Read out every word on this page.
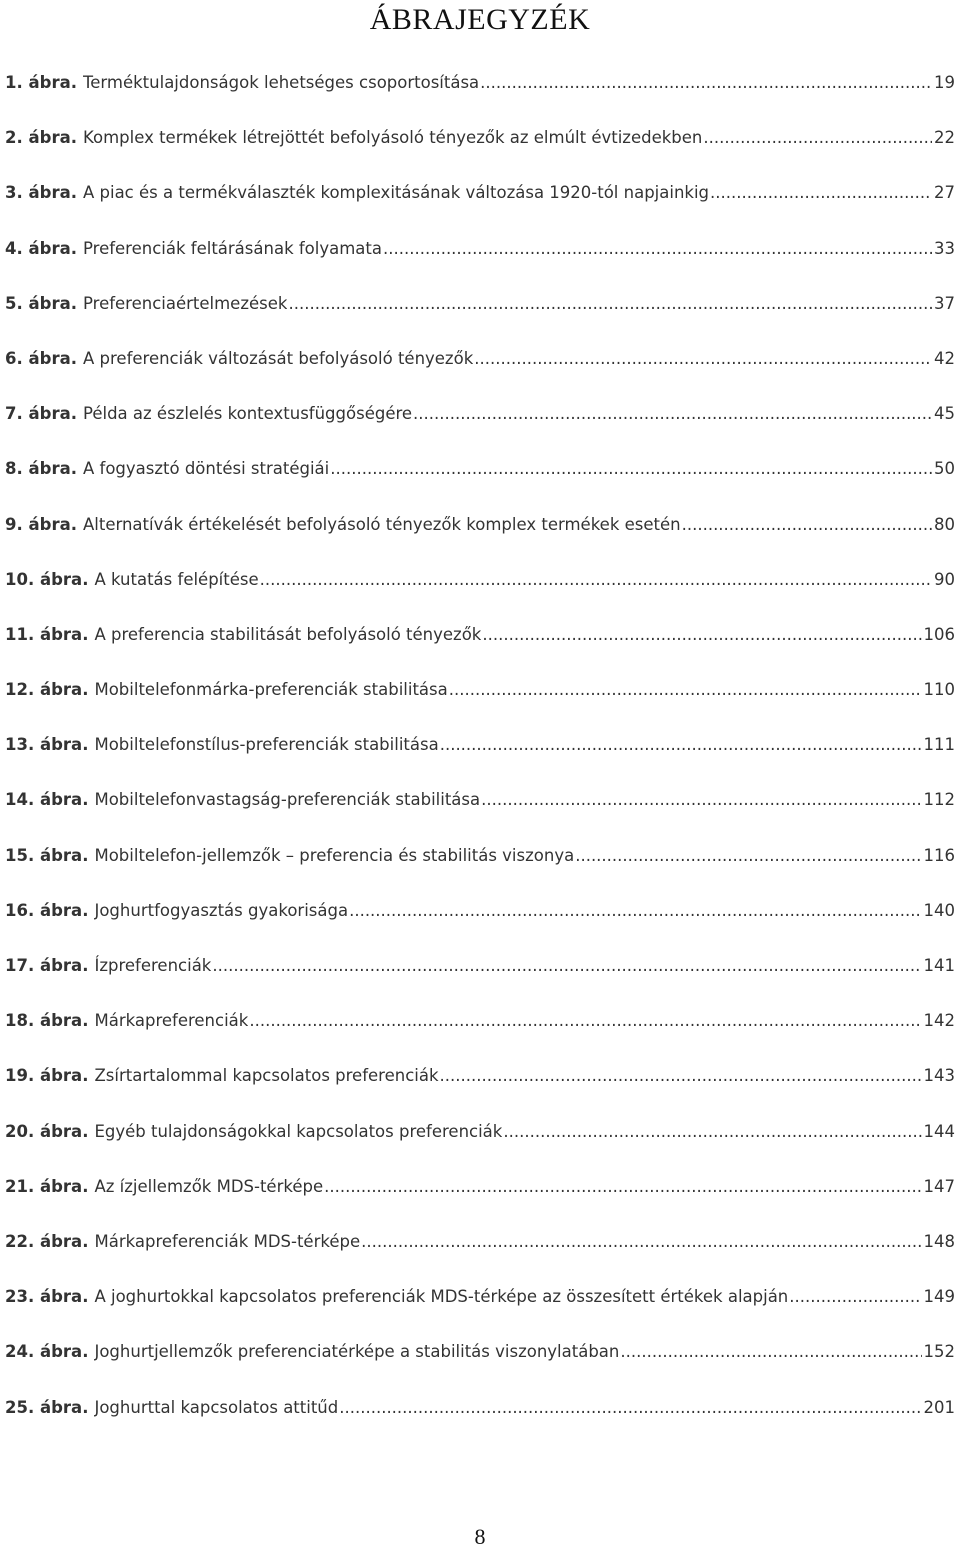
ÁBRAJEGYZÉK
1. ábra. Terméktulajdonságok lehetséges csoportosítása .....	19
2. ábra. Komplex termékek létrejöttét befolyásoló tényezők az elmúlt évtizedekben .....	22
3. ábra. A piac és a termékválaszték komplexitásának változása 1920-tól napjainkig .....	27
4. ábra. Preferenciák feltárásának folyamata .....	33
5. ábra. Preferenciaértelmezések .....	37
6. ábra. A preferenciák változását befolyásoló tényezők .....	42
7. ábra. Példa az észlelés kontextusfüggőségére .....	45
8. ábra. A fogyasztó döntési stratégiái .....	50
9. ábra. Alternatívák értékelését befolyásoló tényezők komplex termékek esetén .....	80
10. ábra. A kutatás felépítése .....	90
11. ábra. A preferencia stabilitását befolyásoló tényezők .....	106
12. ábra. Mobiltelefonmárka-preferenciák stabilitása .....	110
13. ábra. Mobiltelefonstílus-preferenciák stabilitása .....	111
14. ábra. Mobiltelefonvastagság-preferenciák stabilitása .....	112
15. ábra. Mobiltelefon-jellemzők – preferencia és stabilitás viszonya .....	116
16. ábra. Joghurtfogyasztás gyakorisága .....	140
17. ábra. Ízpreferenciák .....	141
18. ábra. Márkapreferenciák .....	142
19. ábra. Zsírtartalommal kapcsolatos preferenciák .....	143
20. ábra. Egyéb tulajdonságokkal kapcsolatos preferenciák .....	144
21. ábra. Az ízjellemzők MDS-térképe .....	147
22. ábra. Márkapreferenciák MDS-térképe .....	148
23. ábra. A joghurtokkal kapcsolatos preferenciák MDS-térképe az összesített értékek alapján .....	149
24. ábra. Joghurtjellemzők preferenciatérképe a stabilitás viszonylatában .....	152
25. ábra. Joghurttal kapcsolatos attitűd .....	201
8
